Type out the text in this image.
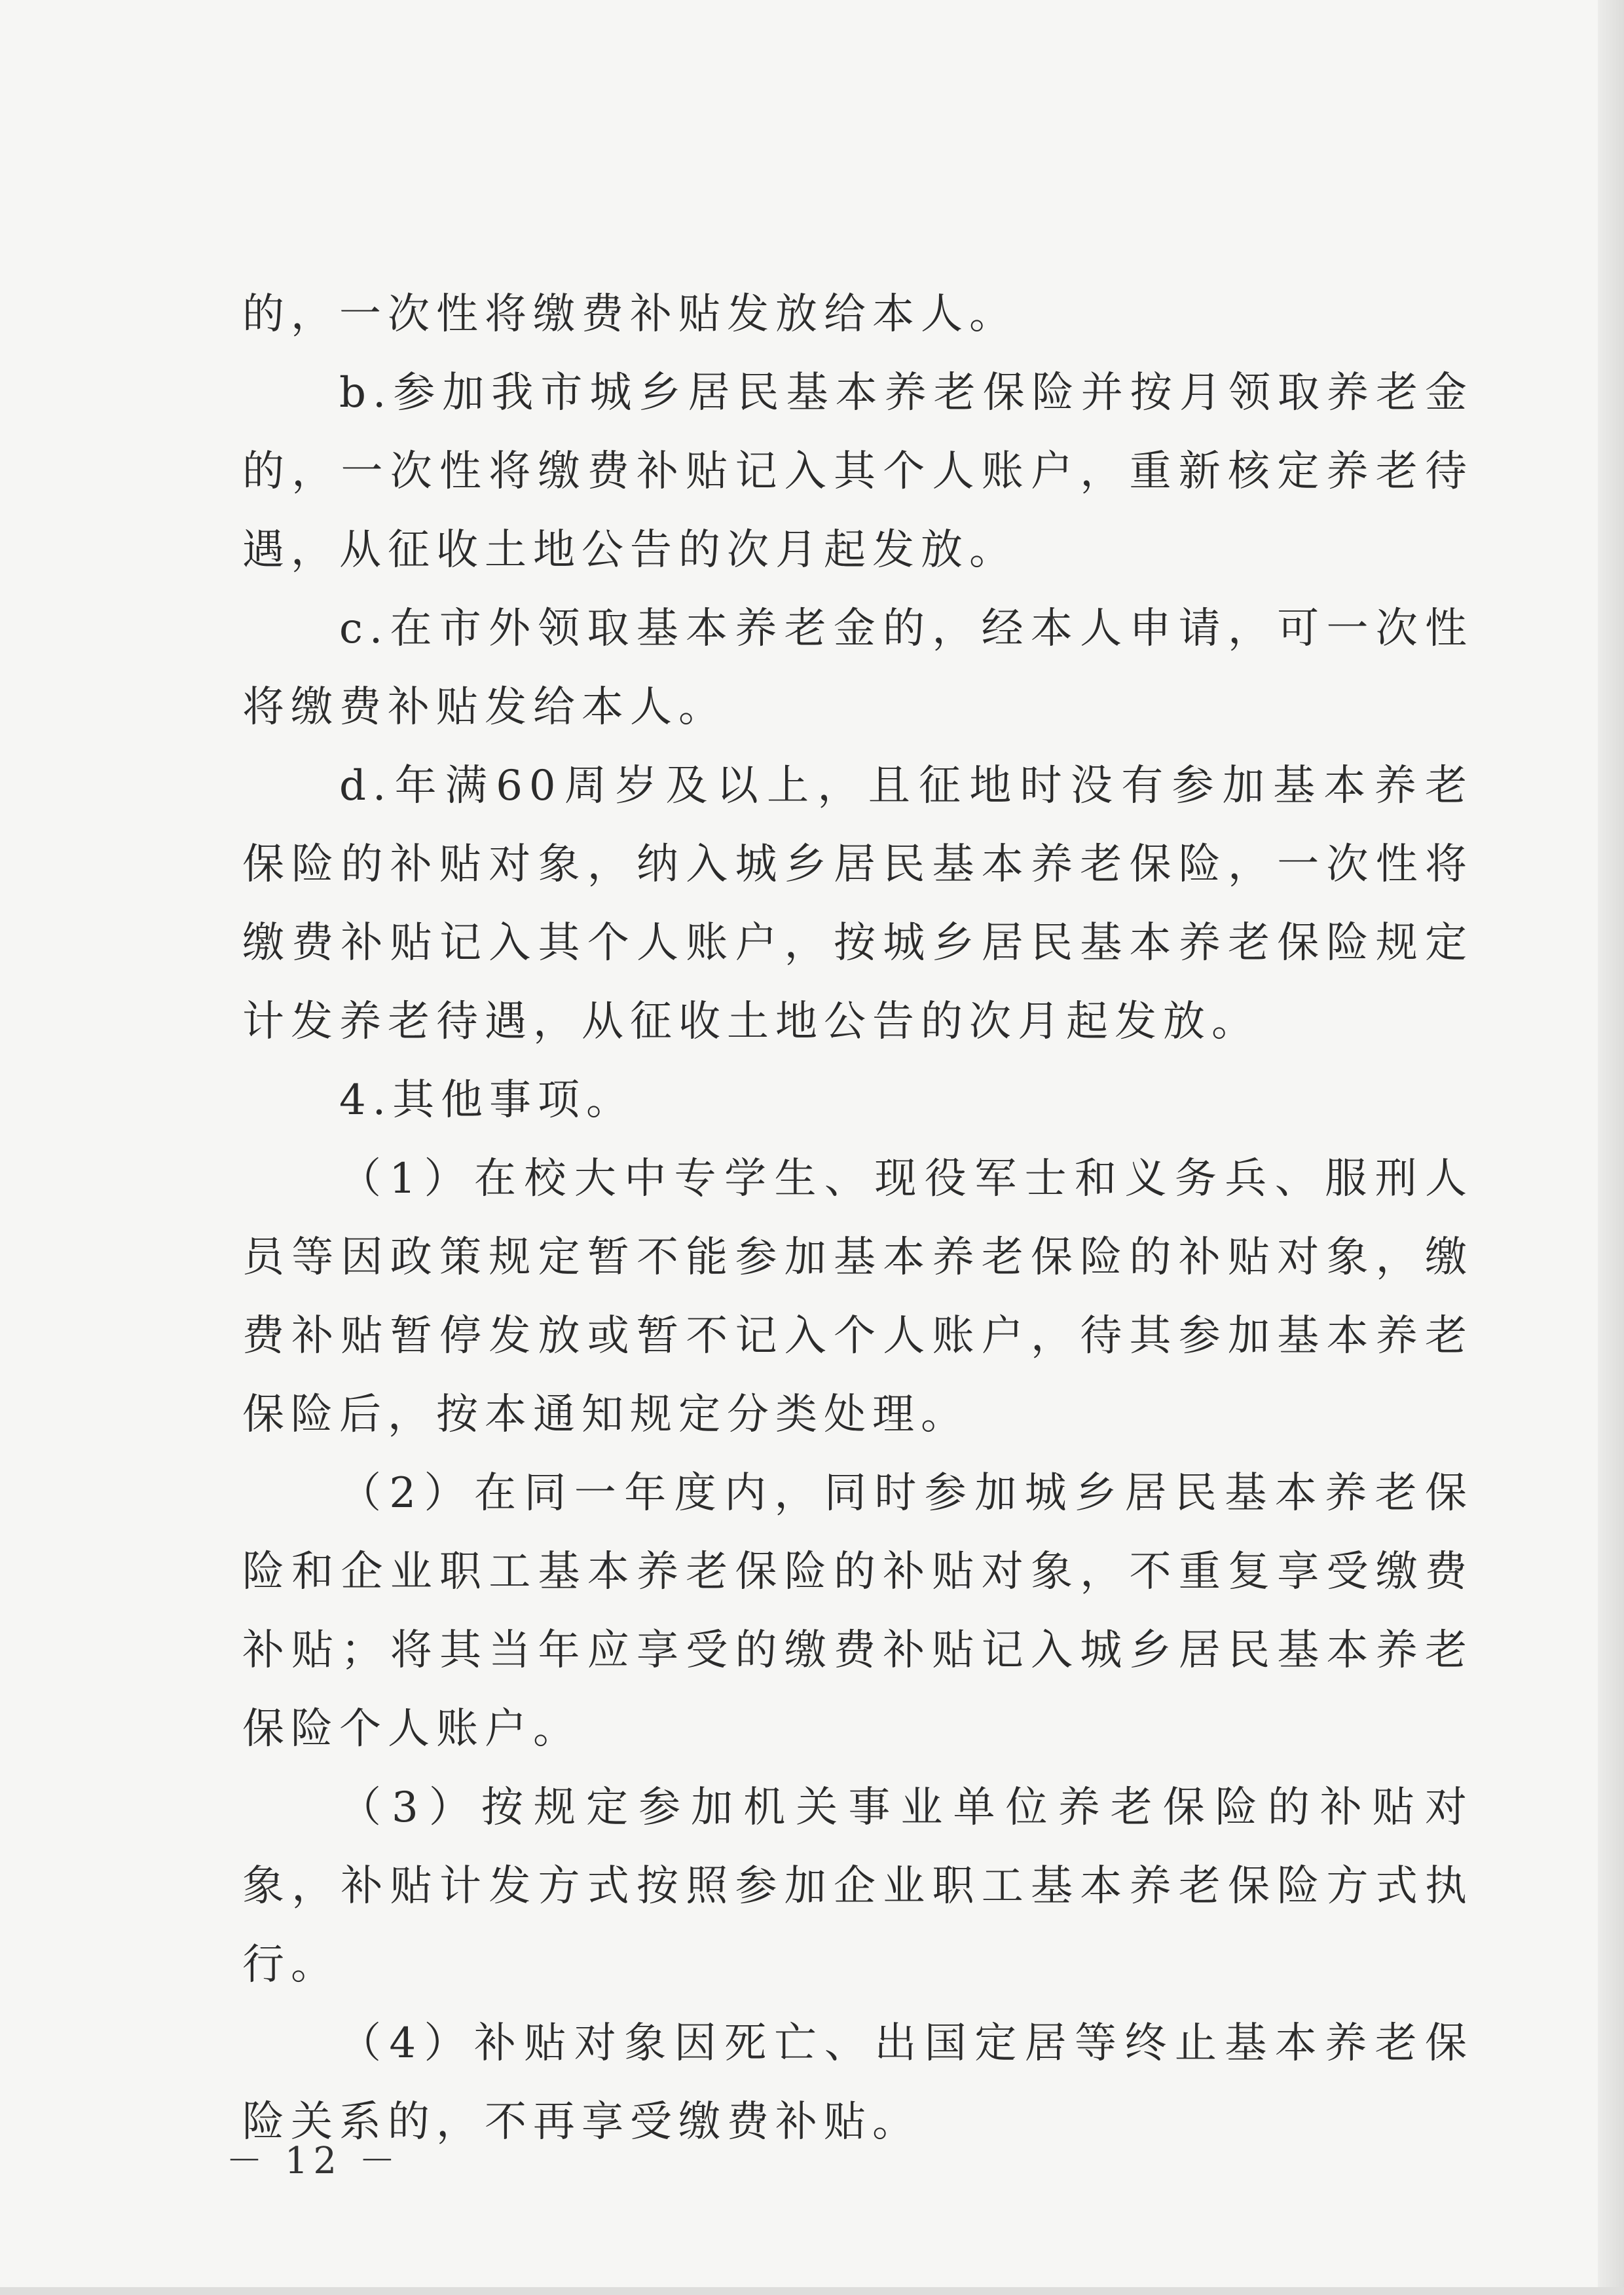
的，一次性将缴费补贴发放给本人。

b.参加我市城乡居民基本养老保险并按月领取养老金的，一次性将缴费补贴记入其个人账户，重新核定养老待遇，从征收土地公告的次月起发放。

c.在市外领取基本养老金的，经本人申请，可一次性将缴费补贴发给本人。

d.年满60周岁及以上，且征地时没有参加基本养老保险的补贴对象，纳入城乡居民基本养老保险，一次性将缴费补贴记入其个人账户，按城乡居民基本养老保险规定计发养老待遇，从征收土地公告的次月起发放。

4.其他事项。

（1）在校大中专学生、现役军士和义务兵、服刑人员等因政策规定暂不能参加基本养老保险的补贴对象，缴费补贴暂停发放或暂不记入个人账户，待其参加基本养老保险后，按本通知规定分类处理。

（2）在同一年度内，同时参加城乡居民基本养老保险和企业职工基本养老保险的补贴对象，不重复享受缴费补贴；将其当年应享受的缴费补贴记入城乡居民基本养老保险个人账户。

（3）按规定参加机关事业单位养老保险的补贴对象，补贴计发方式按照参加企业职工基本养老保险方式执行。

（4）补贴对象因死亡、出国定居等终止基本养老保险关系的，不再享受缴费补贴。

－ 12 －
